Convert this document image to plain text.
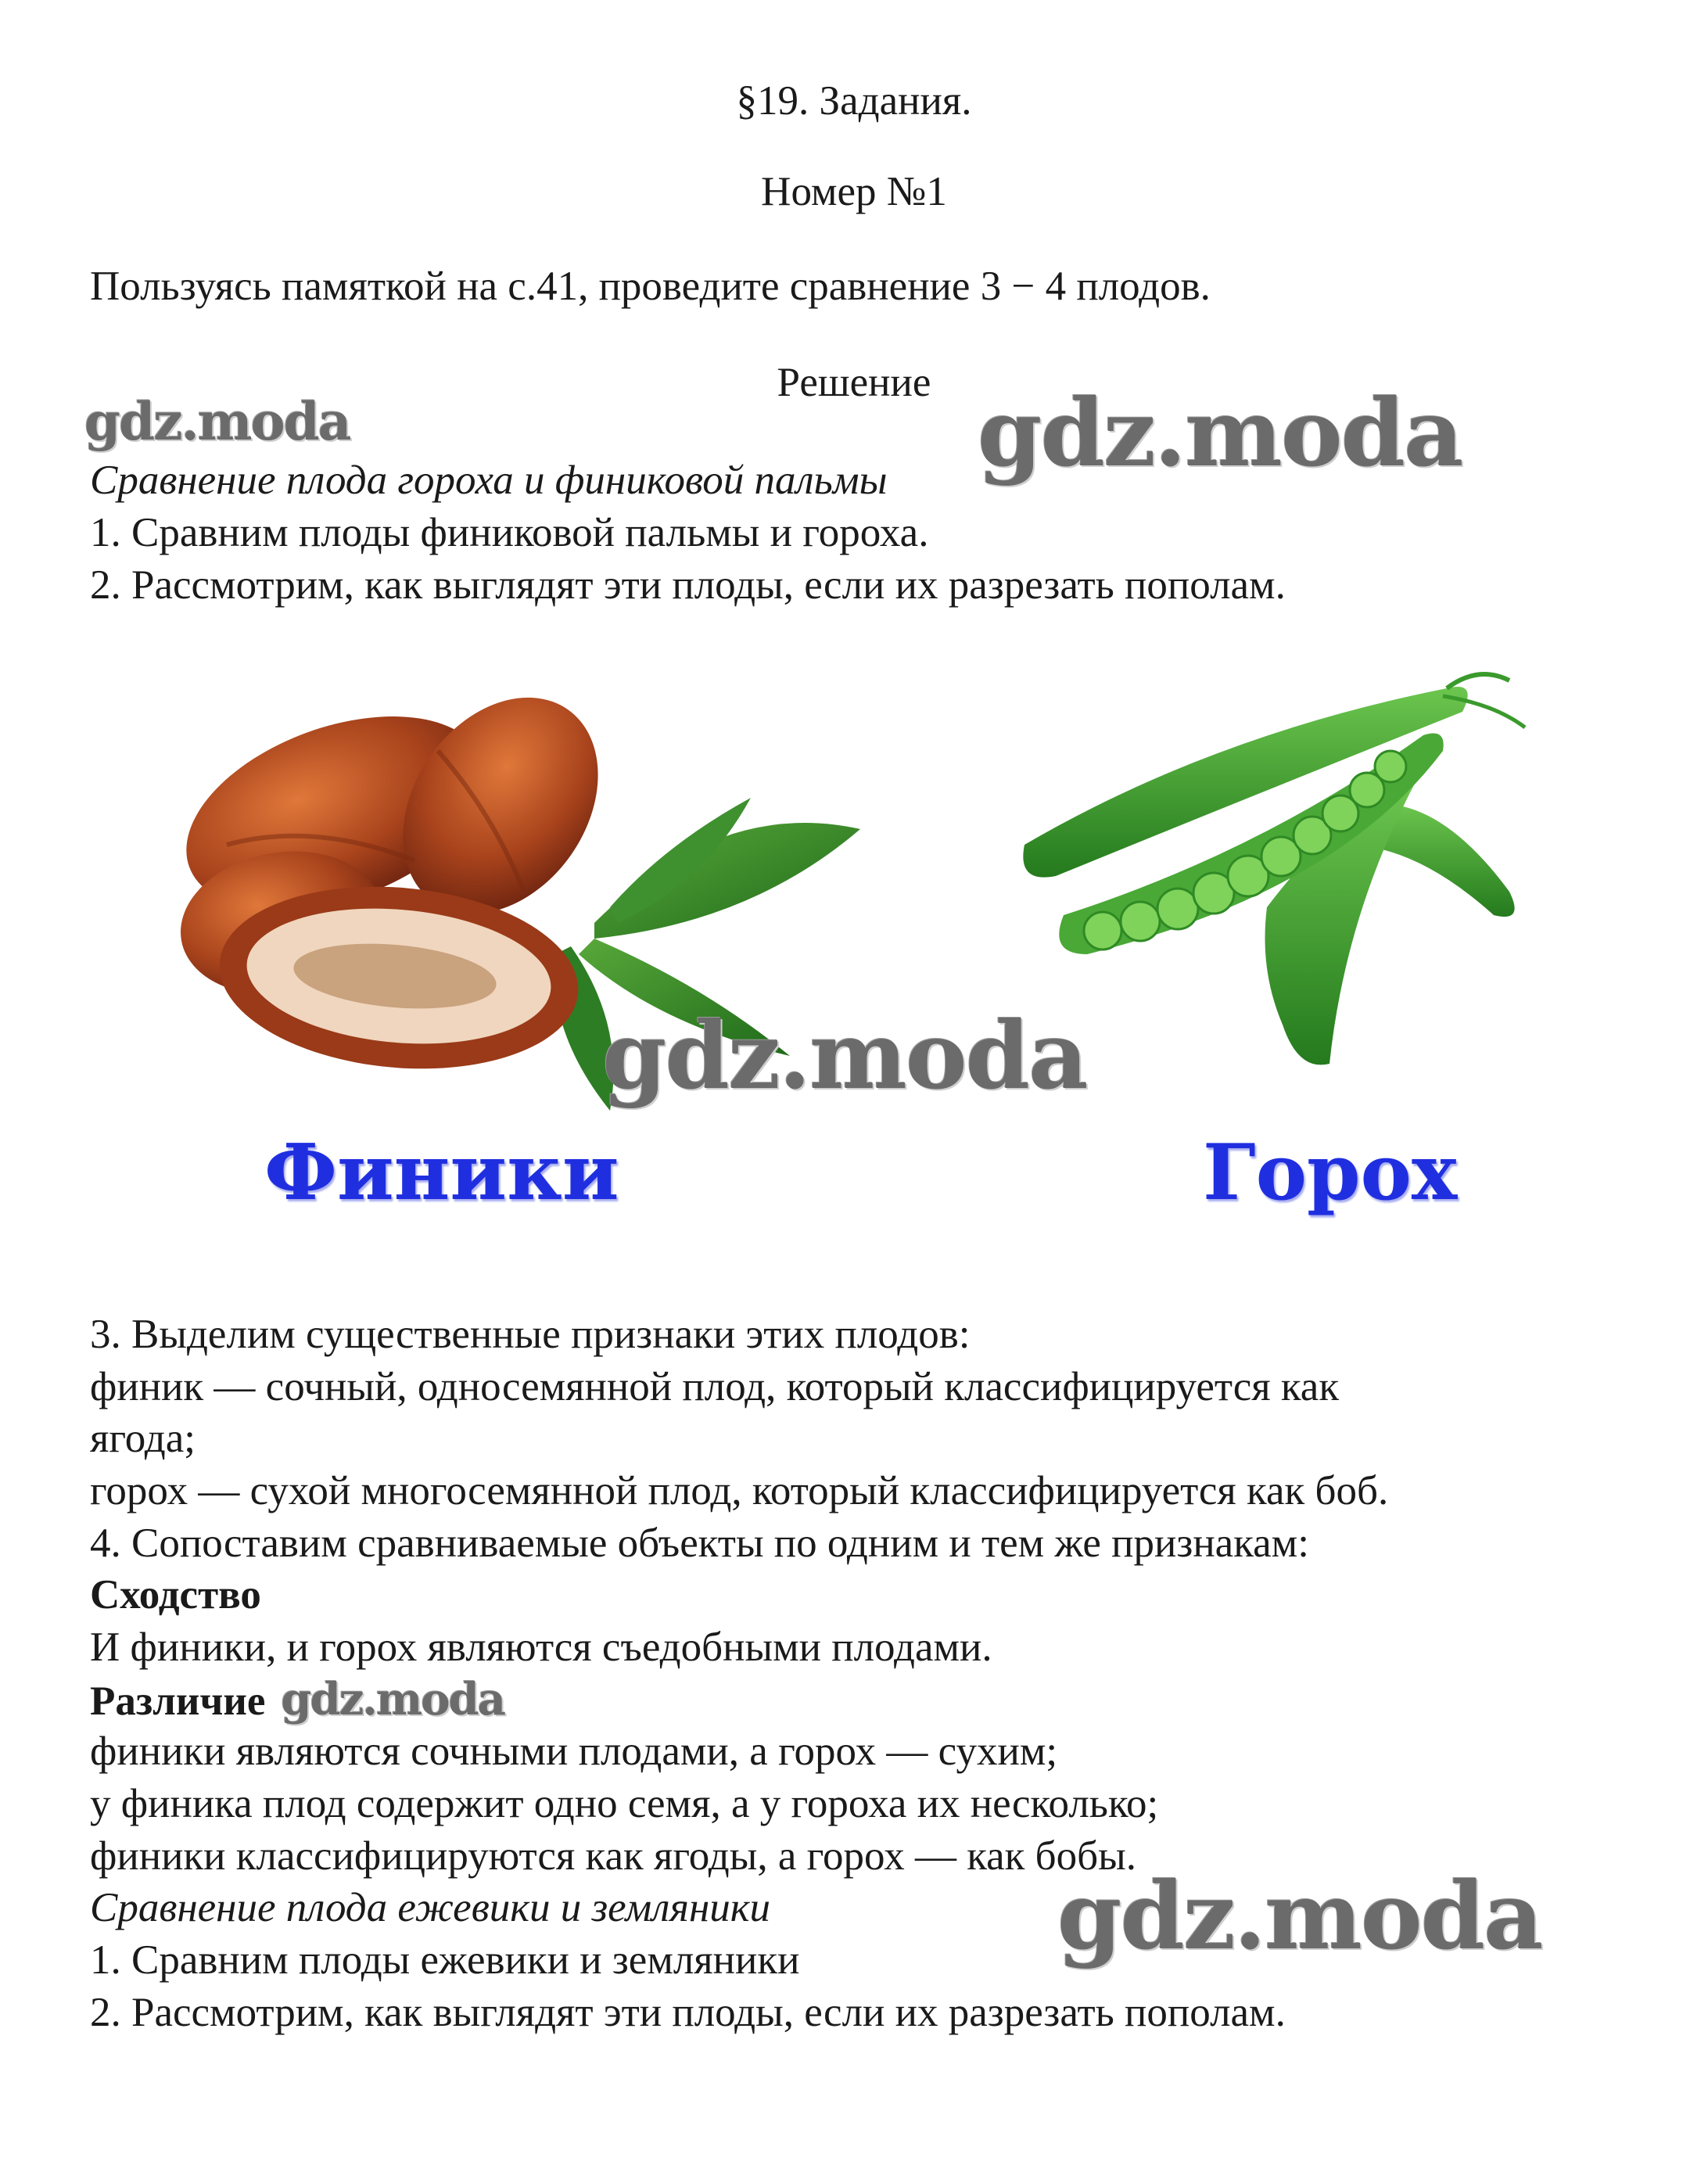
§19. Задания.
Номер №1
Пользуясь памяткой на с.41, проведите сравнение 3 − 4 плодов.
Решение
gdz.moda	gdz.moda
Сравнение плода гороха и финиковой пальмы
1. Сравним плоды финиковой пальмы и гороха.
2. Рассмотрим, как выглядят эти плоды, если их разрезать пополам.
gdz.moda
Финики	Горох
3. Выделим существенные признаки этих плодов:
финик — сочный, односемянной плод, который классифицируется как
ягода;
горох — сухой многосемянной плод, который классифицируется как боб.
4. Сопоставим сравниваемые объекты по одним и тем же признакам:
Сходство
И финики, и горох являются съедобными плодами.
Различие gdz.moda
финики являются сочными плодами, а горох — сухим;
у финика плод содержит одно семя, а у гороха их несколько;
финики классифицируются как ягоды, а горох — как бобы.
Сравнение плода ежевики и земляники	gdz.moda
1. Сравним плоды ежевики и земляники
2. Рассмотрим, как выглядят эти плоды, если их разрезать пополам.
